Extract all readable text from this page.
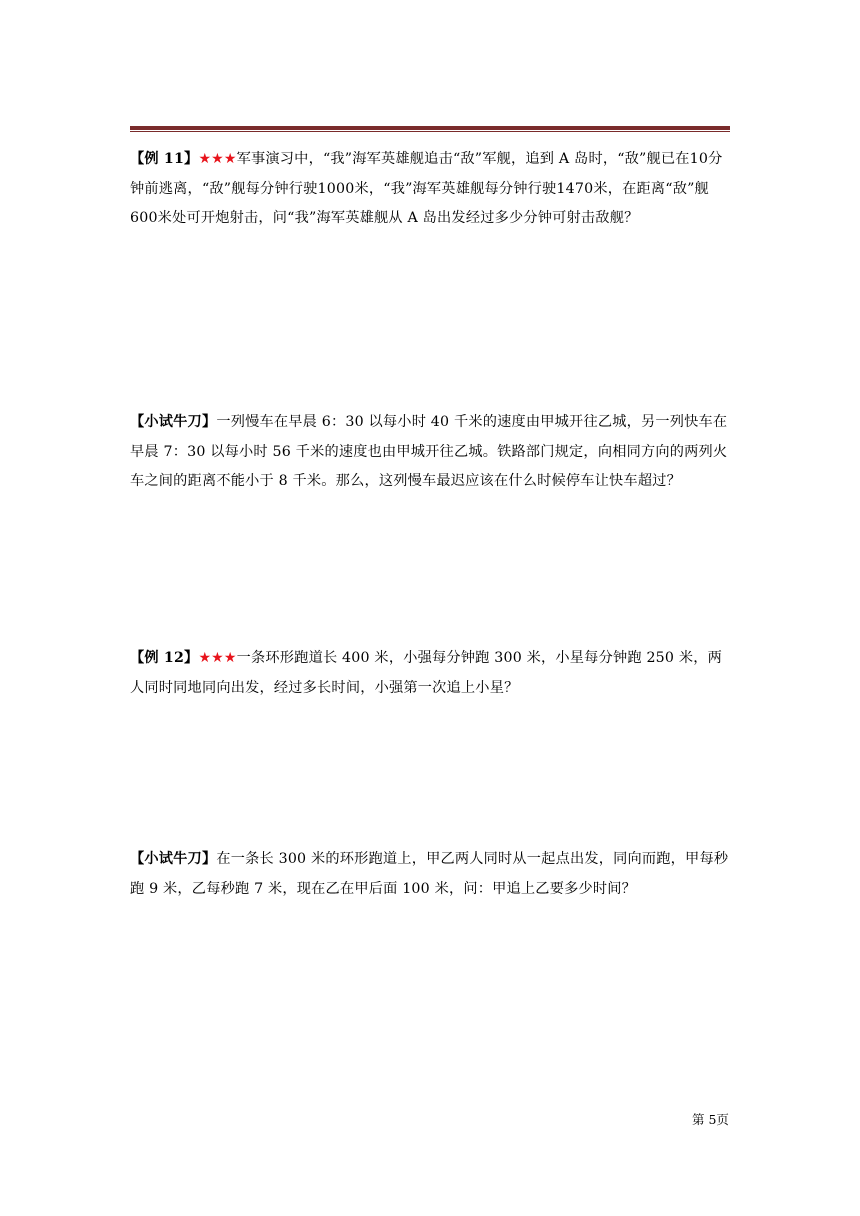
【例 11】★★★军事演习中，“我”海军英雄舰追击“敌”军舰，追到 A 岛时，“敌”舰已在10分钟前逃离，“敌”舰每分钟行驶1000米，“我”海军英雄舰每分钟行驶1470米，在距离“敌”舰600米处可开炮射击，问“我”海军英雄舰从 A 岛出发经过多少分钟可射击敌舰？
【小试牛刀】一列慢车在早晨 6：30 以每小时 40 千米的速度由甲城开往乙城，另一列快车在早晨 7：30 以每小时 56 千米的速度也由甲城开往乙城。铁路部门规定，向相同方向的两列火车之间的距离不能小于 8 千米。那么，这列慢车最迟应该在什么时候停车让快车超过？
【例 12】★★★一条环形跑道长 400 米，小强每分钟跑 300 米，小星每分钟跑 250 米，两人同时同地同向出发，经过多长时间，小强第一次追上小星？
【小试牛刀】在一条长 300 米的环形跑道上，甲乙两人同时从一起点出发，同向而跑，甲每秒跑 9 米，乙每秒跑 7 米，现在乙在甲后面 100 米，问：甲追上乙要多少时间？
第 5页
